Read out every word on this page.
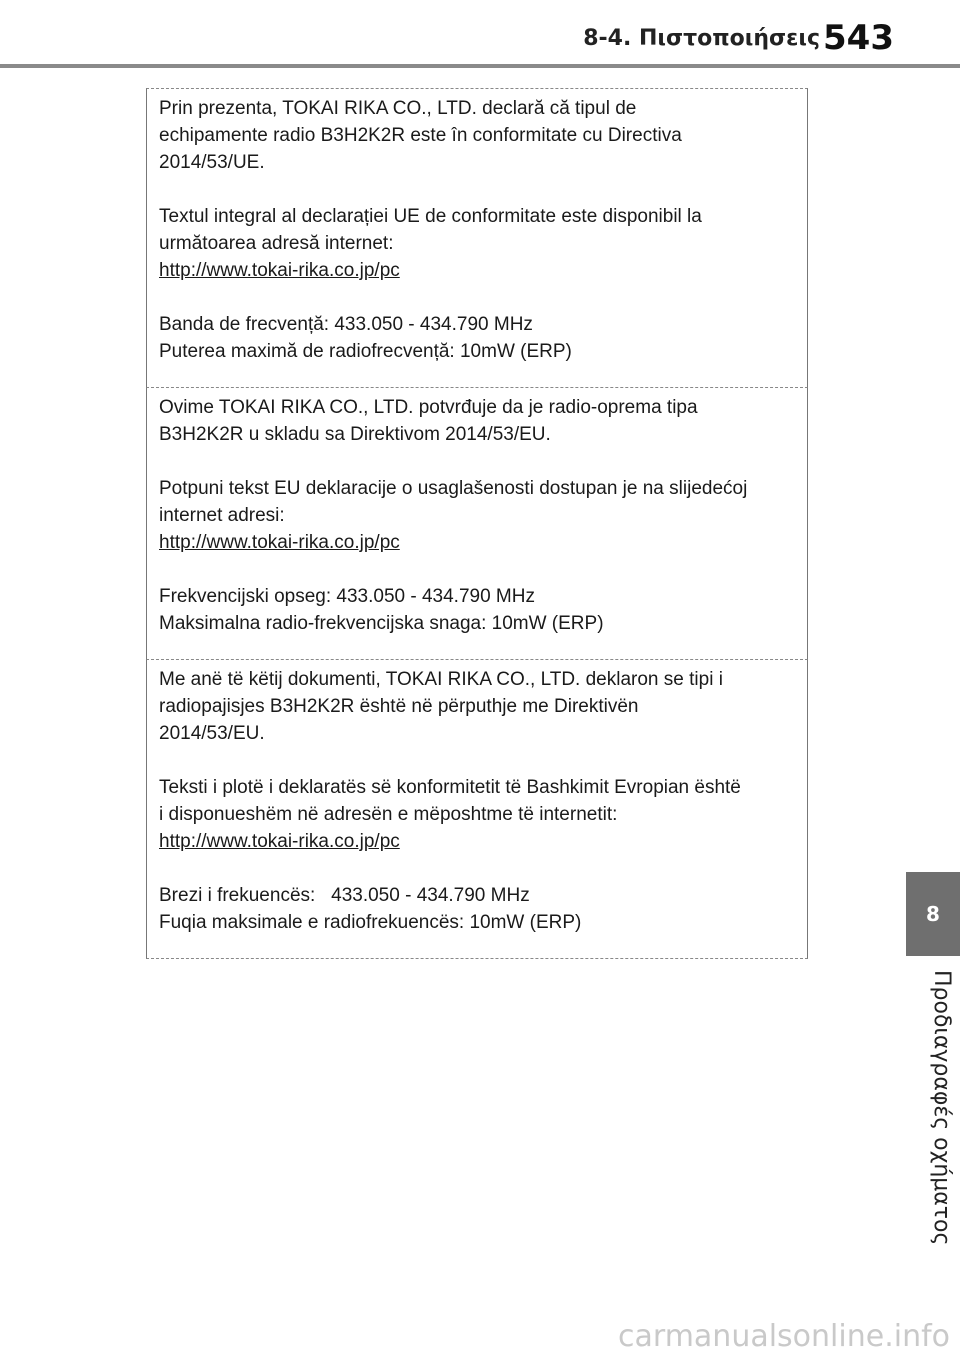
8-4. Πιστοποιήσεις 543

Prin prezenta, TOKAI RIKA CO., LTD. declară că tipul de

echipamente radio B3H2K2R este în conformitate cu Directiva

2014/53/UE.

Textul integral al declarației UE de conformitate este disponibil la

următoarea adresă internet:

http://www.tokai-rika.co.jp/pc

Banda de frecvență: 433.050 - 434.790 MHz

Puterea maximă de radiofrecvență: 10mW (ERP)

Ovime TOKAI RIKA CO., LTD. potvrđuje da je radio-oprema tipa

B3H2K2R u skladu sa Direktivom 2014/53/EU.

Potpuni tekst EU deklaracije o usaglašenosti dostupan je na slijedećoj

internet adresi:

http://www.tokai-rika.co.jp/pc

Frekvencijski opseg: 433.050 - 434.790 MHz

Maksimalna radio-frekvencijska snaga: 10mW (ERP)

Me anë të këtij dokumenti, TOKAI RIKA CO., LTD. deklaron se tipi i

radiopajisjes B3H2K2R është në përputhje me Direktivën

2014/53/EU.

Teksti i plotë i deklaratës së konformitetit të Bashkimit Evropian është

i disponueshëm në adresën e mëposhtme të internetit:

http://www.tokai-rika.co.jp/pc

Brezi i frekuencës:   433.050 - 434.790 MHz

Fuqia maksimale e radiofrekuencës: 10mW (ERP)	8
Προδιαγραφές οχήματος
carmanualsonline.info
